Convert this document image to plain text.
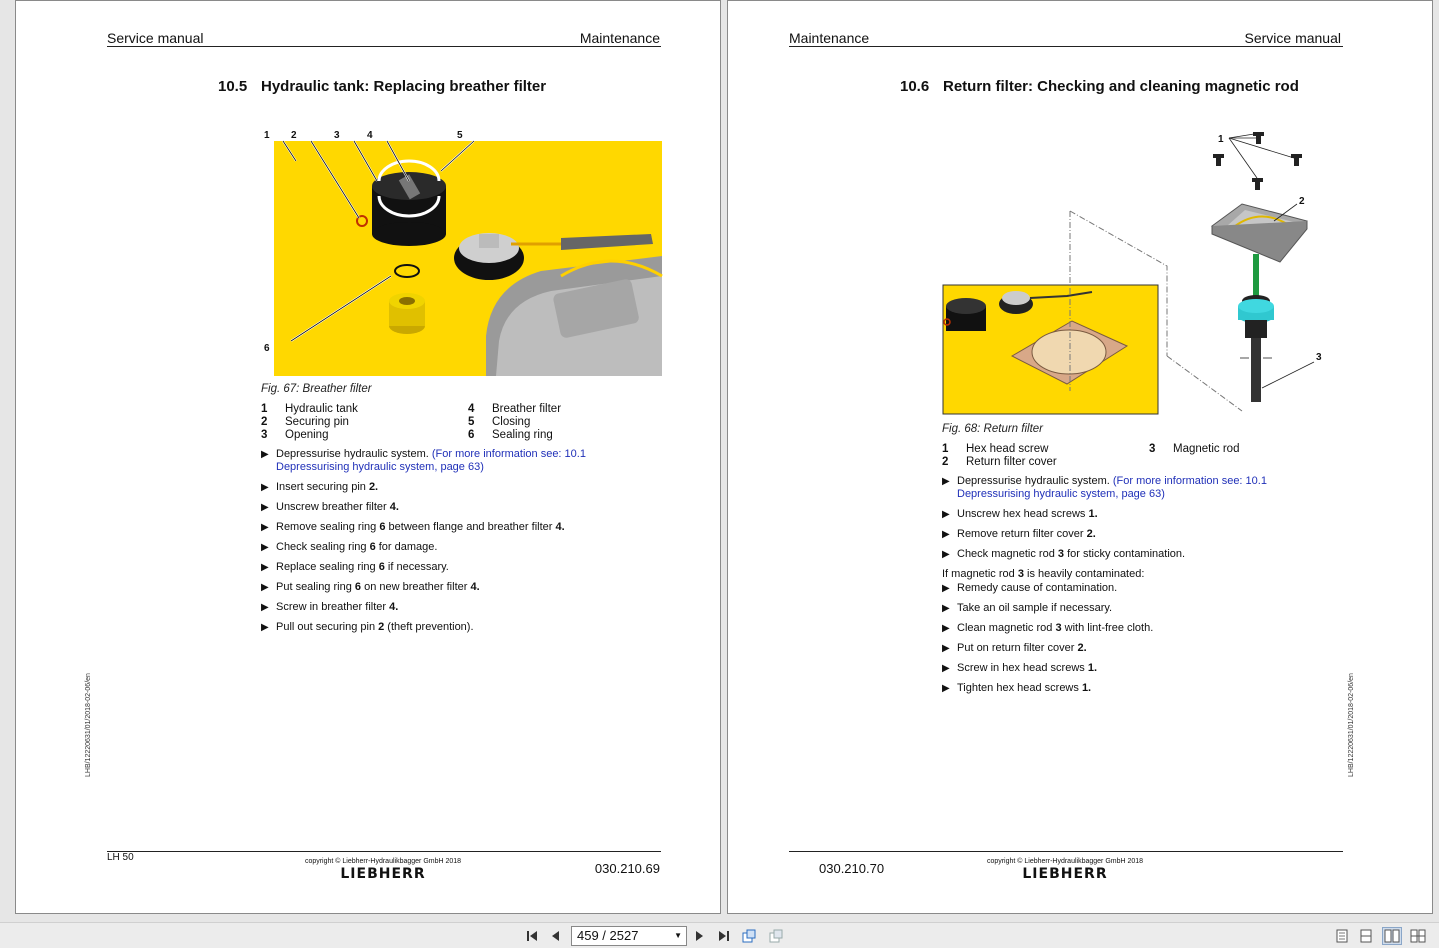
Service manual	Maintenance
10.5 Hydraulic tank: Replacing breather filter
1 2	3	4	5
6
Fig. 67: Breather filter
1	Hydraulic tank	4	Breather filter
2	Securing pin	5	Closing
3	Opening	6	Sealing ring
▶ Depressurise hydraulic system. (For more information see: 10.1 Depressurising hydraulic system, page 63)
▶ Insert securing pin 2.
▶ Unscrew breather filter 4.
▶ Remove sealing ring 6 between flange and breather filter 4.
▶ Check sealing ring 6 for damage.
▶ Replace sealing ring 6 if necessary.
▶ Put sealing ring 6 on new breather filter 4.
▶ Screw in breather filter 4.
▶ Pull out securing pin 2 (theft prevention).
LHB/12220631/01/2018-02-06/en
LH 50	copyright © Liebherr-Hydraulikbagger GmbH 2018
LIEBHERR	030.210.69
Maintenance	Service manual
10.6 Return filter: Checking and cleaning magnetic rod
1
2
3
Fig. 68: Return filter
1	Hex head screw	3	Magnetic rod
2	Return filter cover
▶ Depressurise hydraulic system. (For more information see: 10.1 Depressurising hydraulic system, page 63)
▶ Unscrew hex head screws 1.
▶ Remove return filter cover 2.
▶ Check magnetic rod 3 for sticky contamination.
If magnetic rod 3 is heavily contaminated:
▶ Remedy cause of contamination.
▶ Take an oil sample if necessary.
▶ Clean magnetic rod 3 with lint-free cloth.
▶ Put on return filter cover 2.
▶ Screw in hex head screws 1.
▶ Tighten hex head screws 1.	LHB/12220631/01/2018-02-06/en
030.210.70	copyright © Liebherr-Hydraulikbagger GmbH 2018
LIEBHERR
459 / 2527	▼
